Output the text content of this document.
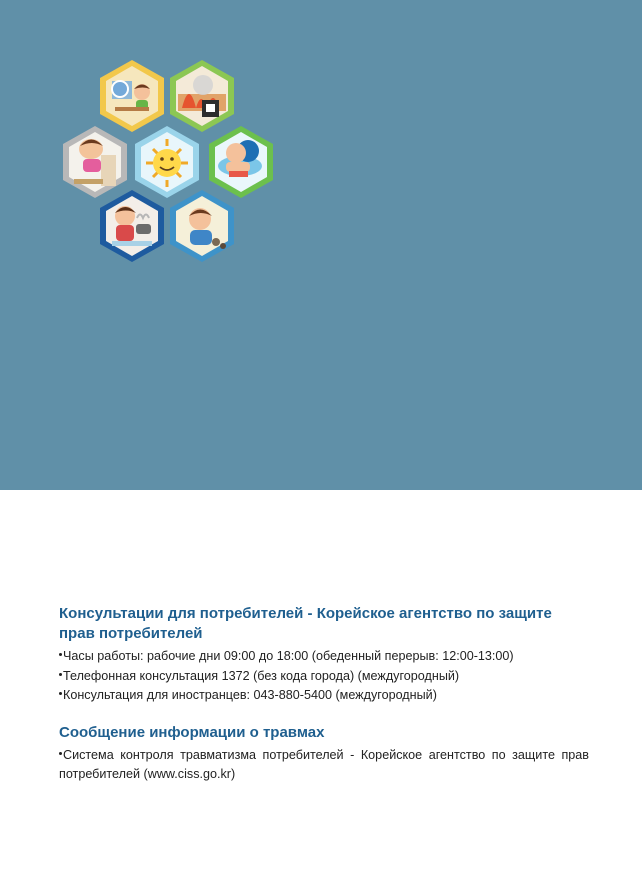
Консультации для потребителей - Корейское агентство по защите прав потребителей
Часы работы: рабочие дни 09:00 до 18:00 (обеденный перерыв: 12:00-13:00)
Телефонная консультация 1372 (без кода города) (междугородный)
Консультация для иностранцев: 043-880-5400 (междугородный)
Сообщение информации о травмах
Система контроля травматизма потребителей - Корейское агентство по защите прав потребителей (www.ciss.go.kr)
